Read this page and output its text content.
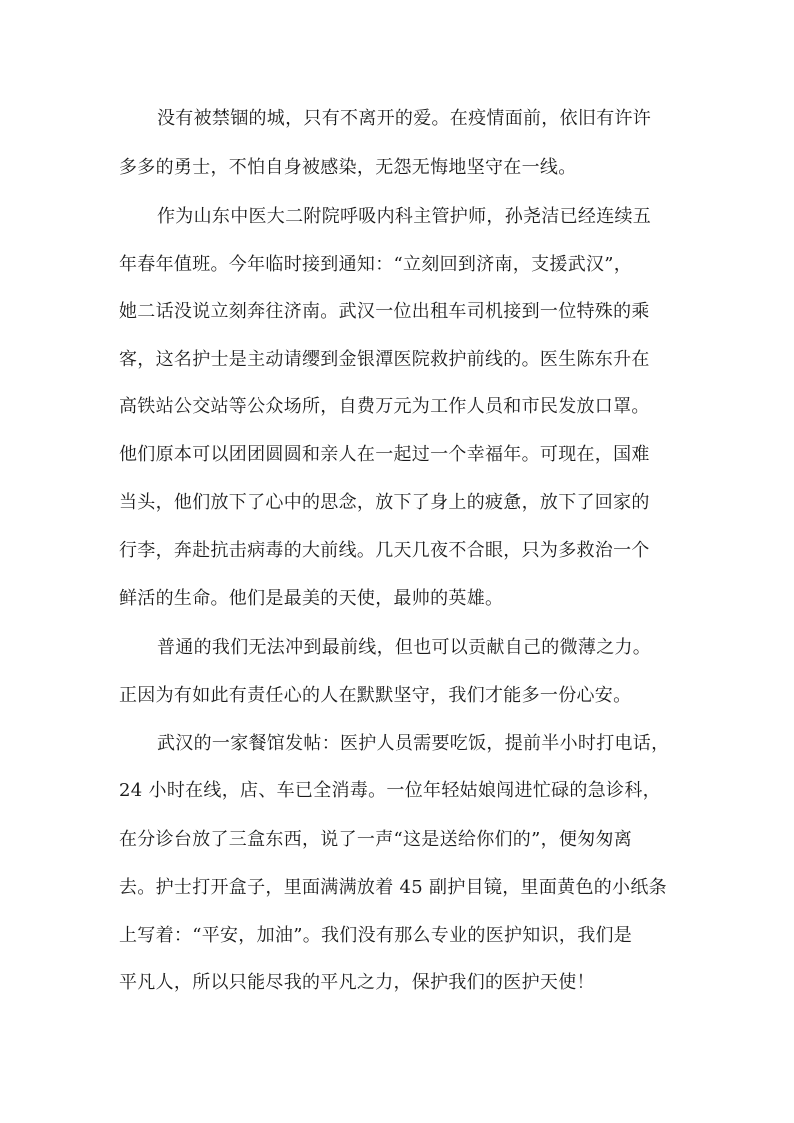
没有被禁锢的城，只有不离开的爱。在疫情面前，依旧有许许
多多的勇士，不怕自身被感染，无怨无悔地坚守在一线。
作为山东中医大二附院呼吸内科主管护师，孙尧洁已经连续五
年春年值班。今年临时接到通知：“立刻回到济南，支援武汉”，
她二话没说立刻奔往济南。武汉一位出租车司机接到一位特殊的乘
客，这名护士是主动请缨到金银潭医院救护前线的。医生陈东升在
高铁站公交站等公众场所，自费万元为工作人员和市民发放口罩。
他们原本可以团团圆圆和亲人在一起过一个幸福年。可现在，国难
当头，他们放下了心中的思念，放下了身上的疲惫，放下了回家的
行李，奔赴抗击病毒的大前线。几天几夜不合眼，只为多救治一个
鲜活的生命。他们是最美的天使，最帅的英雄。
普通的我们无法冲到最前线，但也可以贡献自己的微薄之力。
正因为有如此有责任心的人在默默坚守，我们才能多一份心安。
武汉的一家餐馆发帖：医护人员需要吃饭，提前半小时打电话，
24 小时在线，店、车已全消毒。一位年轻姑娘闯进忙碌的急诊科，
在分诊台放了三盒东西，说了一声“这是送给你们的”，便匆匆离
去。护士打开盒子，里面满满放着 45 副护目镜，里面黄色的小纸条
上写着：“平安，加油”。我们没有那么专业的医护知识，我们是
平凡人，所以只能尽我的平凡之力，保护我们的医护天使！
